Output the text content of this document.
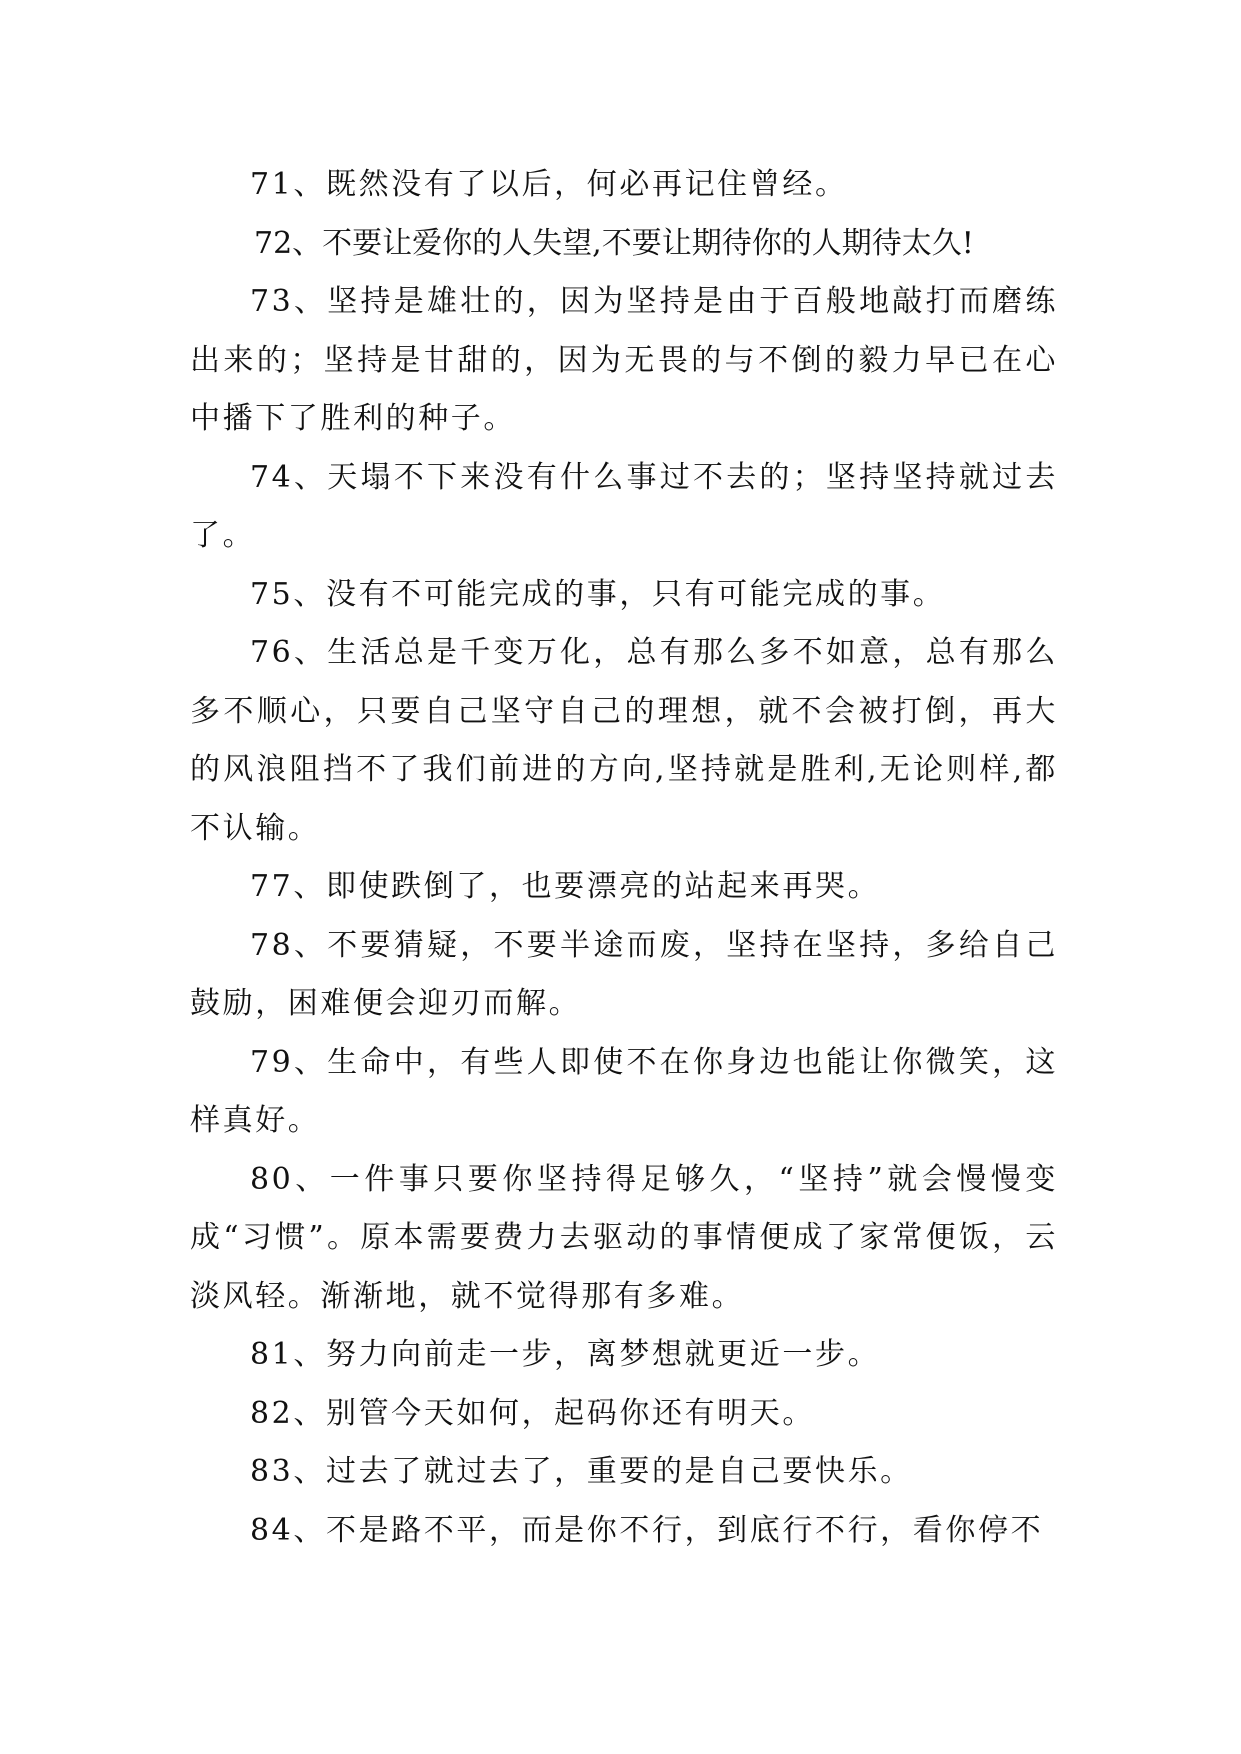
71、既然没有了以后，何必再记住曾经。

72、不要让爱你的人失望,不要让期待你的人期待太久!

73、坚持是雄壮的，因为坚持是由于百般地敲打而磨练出来的；坚持是甘甜的，因为无畏的与不倒的毅力早已在心中播下了胜利的种子。

74、天塌不下来没有什么事过不去的；坚持坚持就过去了。

75、没有不可能完成的事，只有可能完成的事。

76、生活总是千变万化，总有那么多不如意，总有那么多不顺心，只要自己坚守自己的理想，就不会被打倒，再大的风浪阻挡不了我们前进的方向,坚持就是胜利,无论则样,都不认输。

77、即使跌倒了，也要漂亮的站起来再哭。

78、不要猜疑，不要半途而废，坚持在坚持，多给自己鼓励，困难便会迎刃而解。

79、生命中，有些人即使不在你身边也能让你微笑，这样真好。

80、一件事只要你坚持得足够久，“坚持”就会慢慢变成“习惯”。原本需要费力去驱动的事情便成了家常便饭，云淡风轻。渐渐地，就不觉得那有多难。

81、努力向前走一步，离梦想就更近一步。

82、别管今天如何，起码你还有明天。

83、过去了就过去了，重要的是自己要快乐。

84、不是路不平，而是你不行，到底行不行，看你停不
